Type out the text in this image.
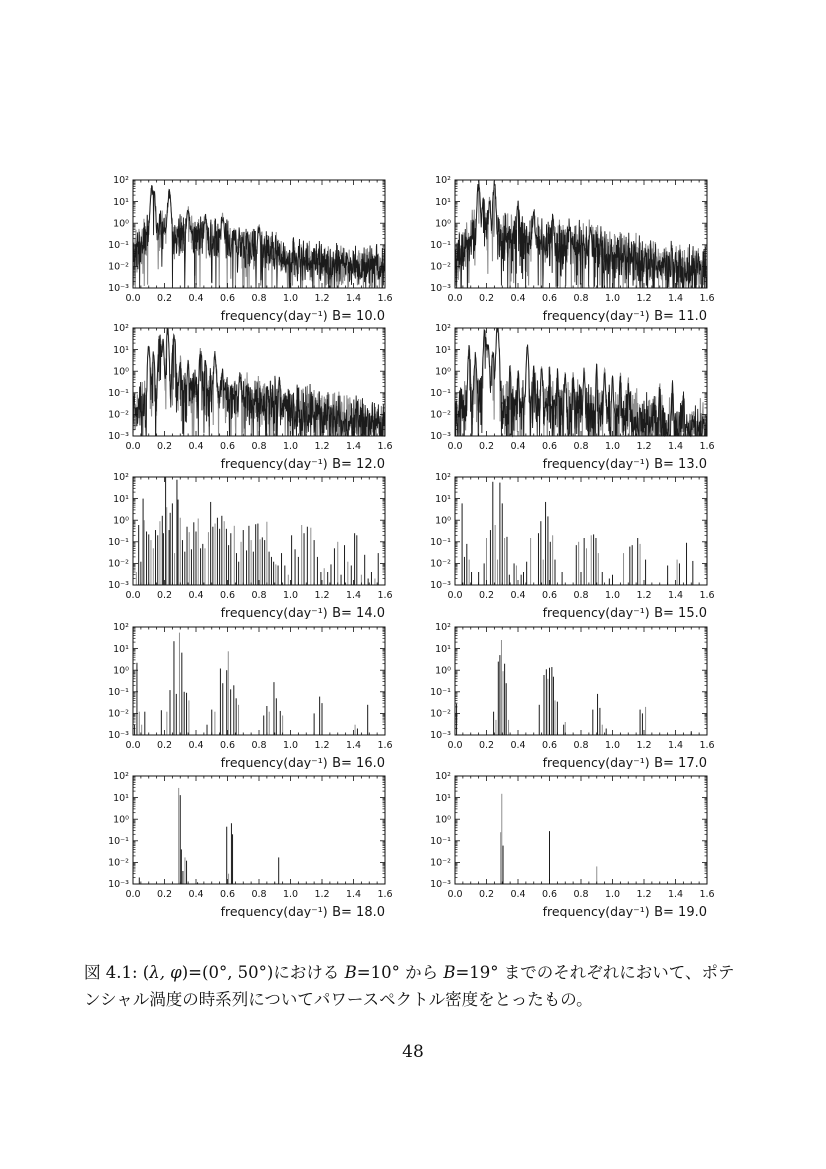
0.0 0.2 0.4 0.6 0.8 1.0 1.2 1.4 1.6
10⁻³
10⁻²
10⁻¹
10⁰
10¹
10²
frequency(day⁻¹) B= 10.0
0.0 0.2 0.4 0.6 0.8 1.0 1.2 1.4 1.6
10⁻³
10⁻²
10⁻¹
10⁰
10¹
10²
frequency(day⁻¹) B= 11.0
0.0 0.2 0.4 0.6 0.8 1.0 1.2 1.4 1.6
10⁻³
10⁻²
10⁻¹
10⁰
10¹
10²
frequency(day⁻¹) B= 12.0
0.0 0.2 0.4 0.6 0.8 1.0 1.2 1.4 1.6
10⁻³
10⁻²
10⁻¹
10⁰
10¹
10²
frequency(day⁻¹) B= 13.0
0.0 0.2 0.4 0.6 0.8 1.0 1.2 1.4 1.6
10⁻³
10⁻²
10⁻¹
10⁰
10¹
10²
frequency(day⁻¹) B= 14.0
0.0 0.2 0.4 0.6 0.8 1.0 1.2 1.4 1.6
10⁻³
10⁻²
10⁻¹
10⁰
10¹
10²
frequency(day⁻¹) B= 15.0
0.0 0.2 0.4 0.6 0.8 1.0 1.2 1.4 1.6
10⁻³
10⁻²
10⁻¹
10⁰
10¹
10²
frequency(day⁻¹) B= 16.0
0.0 0.2 0.4 0.6 0.8 1.0 1.2 1.4 1.6
10⁻³
10⁻²
10⁻¹
10⁰
10¹
10²
frequency(day⁻¹) B= 17.0
0.0 0.2 0.4 0.6 0.8 1.0 1.2 1.4 1.6
10⁻³
10⁻²
10⁻¹
10⁰
10¹
10²
frequency(day⁻¹) B= 18.0
0.0 0.2 0.4 0.6 0.8 1.0 1.2 1.4 1.6
10⁻³
10⁻²
10⁻¹
10⁰
10¹
10²
frequency(day⁻¹) B= 19.0
図 4.1: (λ, φ)=(0°, 50°)における B=10° から B=19° までのそれぞれにおいて、ポテンシャル渦度の時系列についてパワースペクトル密度をとったもの。
48
